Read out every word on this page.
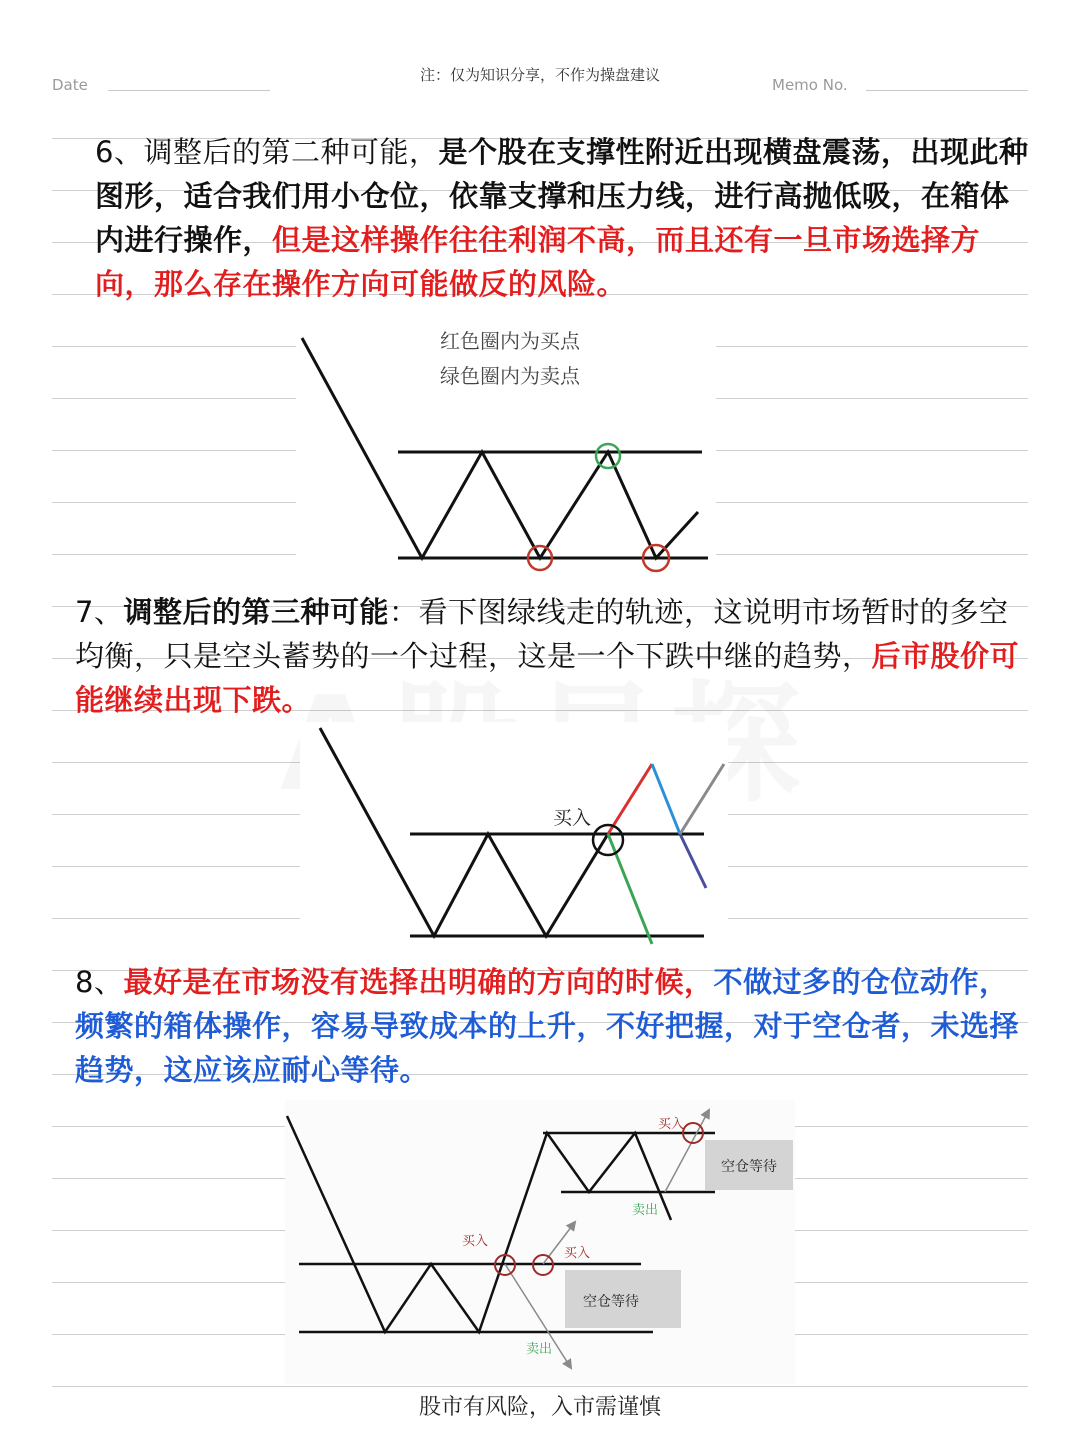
Date
注：仅为知识分享，不作为操盘建议
Memo No.

6、调整后的第二种可能，是个股在支撑性附近出现横盘震荡，出现此种图形，适合我们用小仓位，依靠支撑和压力线，进行高抛低吸，在箱体内进行操作，但是这样操作往往利润不高，而且还有一旦市场选择方向，那么存在操作方向可能做反的风险。

红色圈内为买点
绿色圈内为卖点

7、调整后的第三种可能：看下图绿线走的轨迹，这说明市场暂时的多空均衡，只是空头蓄势的一个过程，这是一个下跌中继的趋势，后市股价可能继续出现下跌。

买入

8、最好是在市场没有选择出明确的方向的时候，不做过多的仓位动作，频繁的箱体操作，容易导致成本的上升，不好把握，对于空仓者，未选择趋势，这应该应耐心等待。

空仓等待
空仓等待
买入
买入
买入
卖出
卖出
股市有风险，入市需谨慎
